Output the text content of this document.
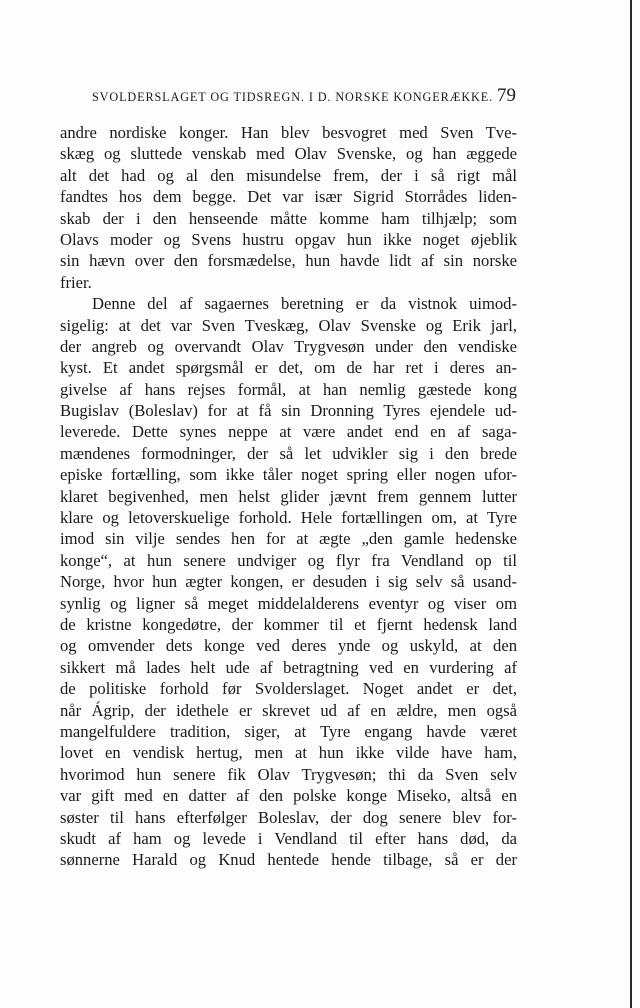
SVOLDERSLAGET OG TIDSREGN. I D. NORSKE KONGERÆKKE. 79
andre nordiske konger. Han blev besvogret med Sven Tve-
skæg og sluttede venskab med Olav Svenske, og han æggede
alt det had og al den misundelse frem, der i så rigt mål
fandtes hos dem begge. Det var især Sigrid Storrådes liden-
skab der i den henseende måtte komme ham tilhjælp; som
Olavs moder og Svens hustru opgav hun ikke noget øjeblik
sin hævn over den forsmædelse, hun havde lidt af sin norske
frier.
Denne del af sagaernes beretning er da vistnok uimod-
sigelig: at det var Sven Tveskæg, Olav Svenske og Erik jarl,
der angreb og overvandt Olav Trygvesøn under den vendiske
kyst. Et andet spørgsmål er det, om de har ret i deres an-
givelse af hans rejses formål, at han nemlig gæstede kong
Bugislav (Boleslav) for at få sin Dronning Tyres ejendele ud-
leverede. Dette synes neppe at være andet end en af saga-
mændenes formodninger, der så let udvikler sig i den brede
episke fortælling, som ikke tåler noget spring eller nogen ufor-
klaret begivenhed, men helst glider jævnt frem gennem lutter
klare og letoverskuelige forhold. Hele fortællingen om, at Tyre
imod sin vilje sendes hen for at ægte „den gamle hedenske
konge“, at hun senere undviger og flyr fra Vendland op til
Norge, hvor hun ægter kongen, er desuden i sig selv så usand-
synlig og ligner så meget middelalderens eventyr og viser om
de kristne kongedøtre, der kommer til et fjernt hedensk land
og omvender dets konge ved deres ynde og uskyld, at den
sikkert må lades helt ude af betragtning ved en vurdering af
de politiske forhold før Svolderslaget. Noget andet er det,
når Ágrip, der idethele er skrevet ud af en ældre, men også
mangelfuldere tradition, siger, at Tyre engang havde været
lovet en vendisk hertug, men at hun ikke vilde have ham,
hvorimod hun senere fik Olav Trygvesøn; thi da Sven selv
var gift med en datter af den polske konge Miseko, altså en
søster til hans efterfølger Boleslav, der dog senere blev for-
skudt af ham og levede i Vendland til efter hans død, da
sønnerne Harald og Knud hentede hende tilbage, så er der
